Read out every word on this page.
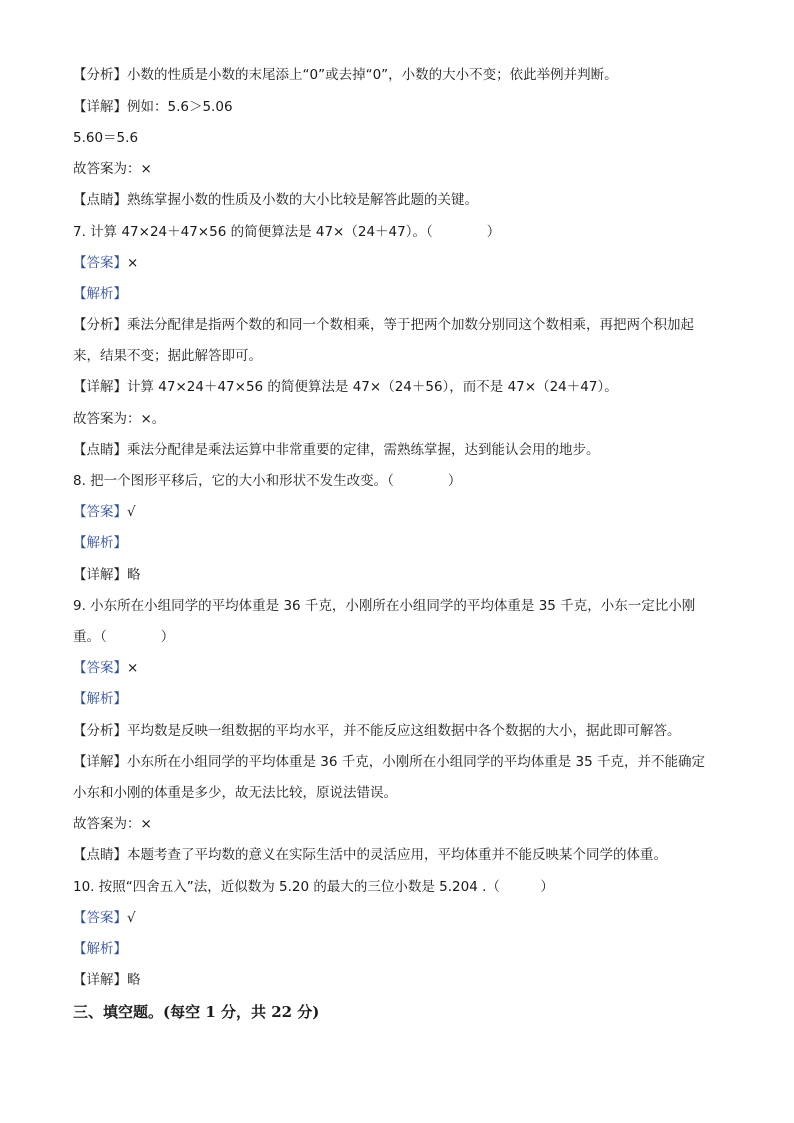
【分析】小数的性质是小数的末尾添上“0”或去掉“0”，小数的大小不变；依此举例并判断。
【详解】例如：5.6＞5.06
5.60＝5.6
故答案为：×
【点睛】熟练掌握小数的性质及小数的大小比较是解答此题的关键。
7. 计算 47×24＋47×56 的简便算法是 47×（24＋47）。（　　　　）
【答案】×
【解析】
【分析】乘法分配律是指两个数的和同一个数相乘，等于把两个加数分别同这个数相乘，再把两个积加起
来，结果不变；据此解答即可。
【详解】计算 47×24＋47×56 的简便算法是 47×（24＋56），而不是 47×（24＋47）。
故答案为：×。
【点睛】乘法分配律是乘法运算中非常重要的定律，需熟练掌握，达到能认会用的地步。
8. 把一个图形平移后，它的大小和形状不发生改变。（　　　　）
【答案】√
【解析】
【详解】略
9. 小东所在小组同学的平均体重是 36 千克，小刚所在小组同学的平均体重是 35 千克，小东一定比小刚
重。（　　　　）
【答案】×
【解析】
【分析】平均数是反映一组数据的平均水平，并不能反应这组数据中各个数据的大小，据此即可解答。
【详解】小东所在小组同学的平均体重是 36 千克，小刚所在小组同学的平均体重是 35 千克，并不能确定
小东和小刚的体重是多少，故无法比较，原说法错误。
故答案为：×
【点睛】本题考查了平均数的意义在实际生活中的灵活应用，平均体重并不能反映某个同学的体重。
10. 按照“四舍五入”法，近似数为 5.20 的最大的三位小数是 5.204 .（　　　）
【答案】√
【解析】
【详解】略
三、填空题。(每空 1 分，共 22 分)
